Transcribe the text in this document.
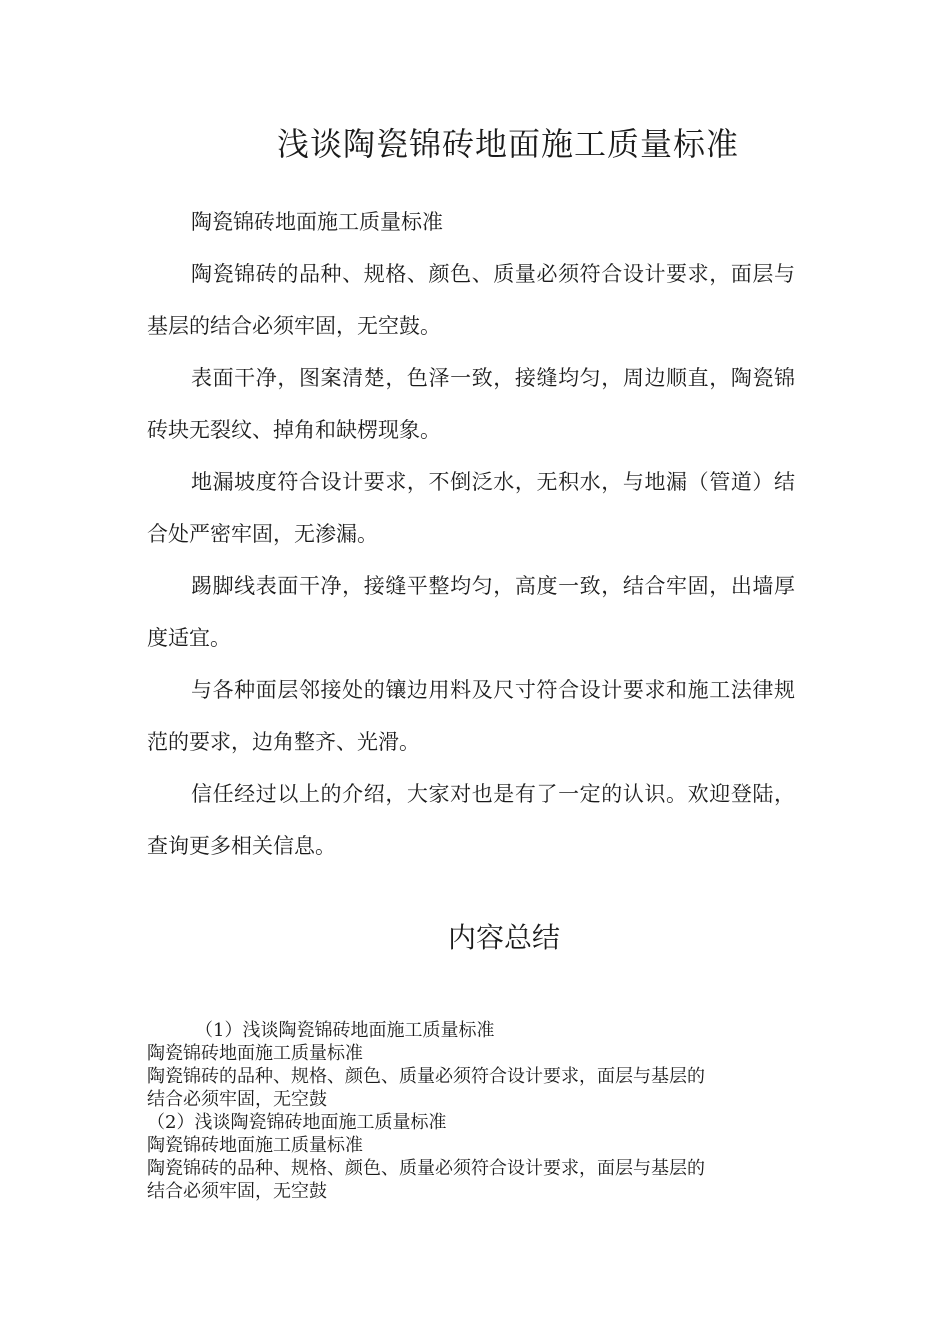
浅谈陶瓷锦砖地面施工质量标准

陶瓷锦砖地面施工质量标准

陶瓷锦砖的品种、规格、颜色、质量必须符合设计要求，面层与基层的结合必须牢固，无空鼓。

表面干净，图案清楚，色泽一致，接缝均匀，周边顺直，陶瓷锦砖块无裂纹、掉角和缺楞现象。

地漏坡度符合设计要求，不倒泛水，无积水，与地漏（管道）结合处严密牢固，无渗漏。

踢脚线表面干净，接缝平整均匀，高度一致，结合牢固，出墙厚度适宜。

与各种面层邻接处的镶边用料及尺寸符合设计要求和施工法律规范的要求，边角整齐、光滑。

信任经过以上的介绍，大家对也是有了一定的认识。欢迎登陆，查询更多相关信息。

内容总结

（1）浅谈陶瓷锦砖地面施工质量标准

陶瓷锦砖地面施工质量标准

陶瓷锦砖的品种、规格、颜色、质量必须符合设计要求，面层与基层的

结合必须牢固，无空鼓

（2）浅谈陶瓷锦砖地面施工质量标准

陶瓷锦砖地面施工质量标准

陶瓷锦砖的品种、规格、颜色、质量必须符合设计要求，面层与基层的

结合必须牢固，无空鼓
